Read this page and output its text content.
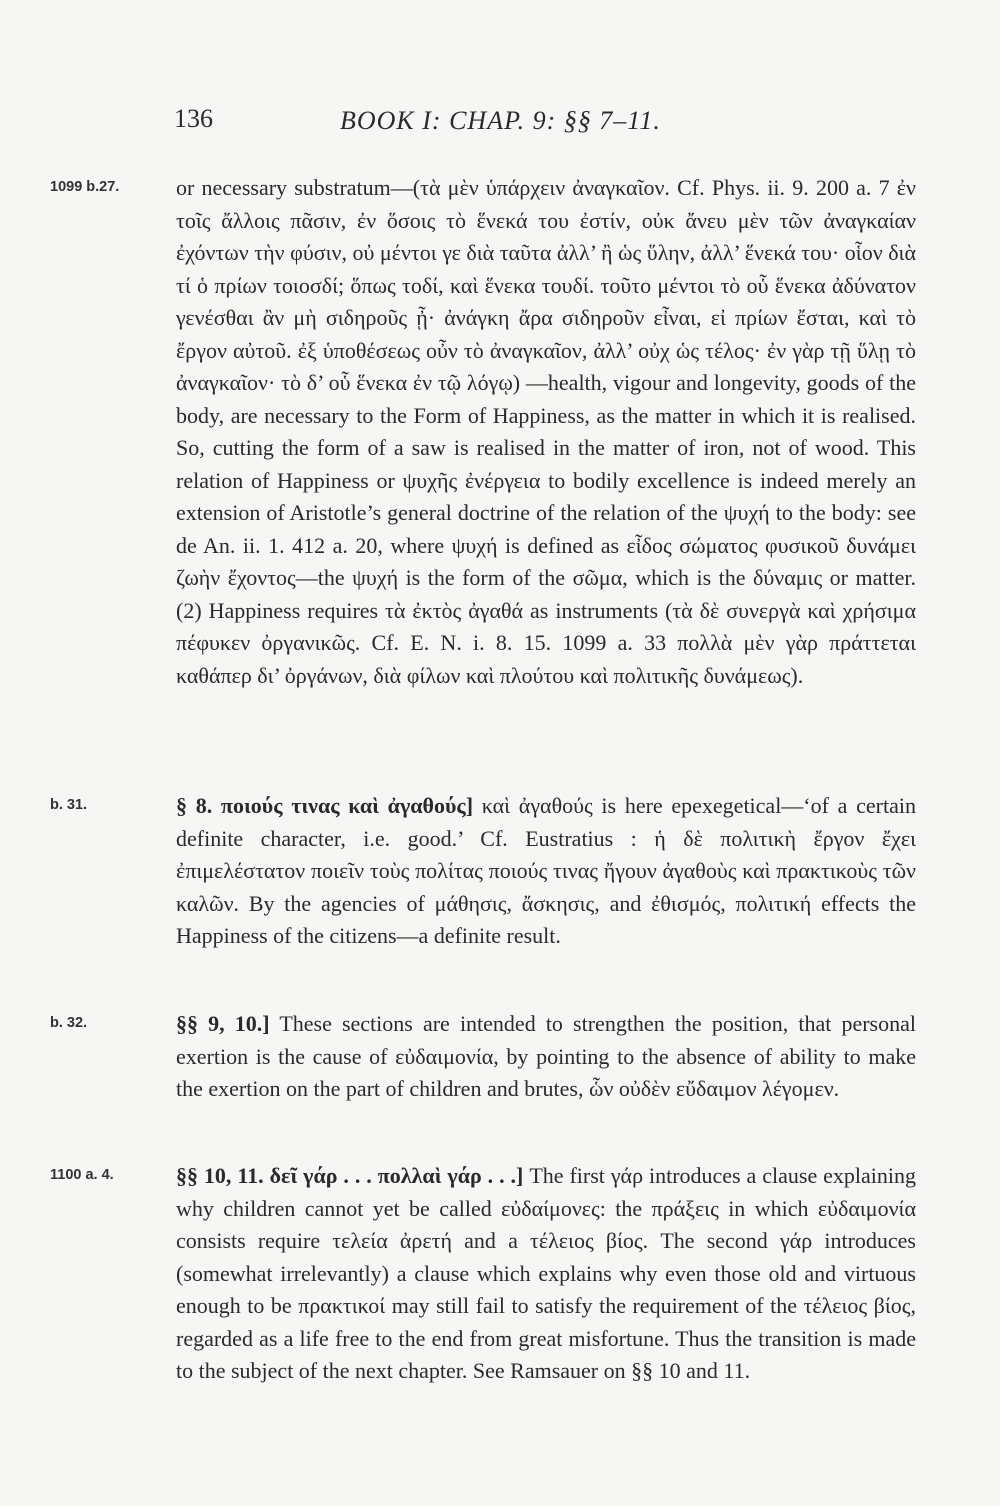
136	BOOK I: CHAP. 9: §§ 7–11.
1099 b.27.	or necessary substratum—(τὰ μὲν ὑπάρχειν ἀναγκαῖον. Cf. Phys. ii. 9. 200 a. 7 ἐν τοῖς ἄλλοις πᾶσιν, ἐν ὅσοις τὸ ἕνεκά του ἐστίν, οὐκ ἄνευ μὲν τῶν ἀναγκαίαν ἐχόντων τὴν φύσιν, οὐ μέντοι γε διὰ ταῦτα ἀλλ’ ἢ ὡς ὕλην, ἀλλ’ ἕνεκά του· οἷον διὰ τί ὁ πρίων τοιοσδί; ὅπως τοδί, καὶ ἕνεκα τουδί. τοῦτο μέντοι τὸ οὗ ἕνεκα ἀδύνατον γενέσθαι ἂν μὴ σιδηροῦς ᾖ· ἀνάγκη ἄρα σιδηροῦν εἶναι, εἰ πρίων ἔσται, καὶ τὸ ἔργον αὐτοῦ. ἐξ ὑποθέσεως οὖν τὸ ἀναγκαῖον, ἀλλ’ οὐχ ὡς τέλος· ἐν γὰρ τῇ ὕλῃ τὸ ἀναγκαῖον· τὸ δ’ οὗ ἕνεκα ἐν τῷ λόγῳ) —health, vigour and longevity, goods of the body, are necessary to the Form of Happiness, as the matter in which it is realised. So, cutting the form of a saw is realised in the matter of iron, not of wood. This relation of Happiness or ψυχῆς ἐνέργεια to bodily excellence is indeed merely an extension of Aristotle’s general doctrine of the relation of the ψυχή to the body: see de An. ii. 1. 412 a. 20, where ψυχή is defined as εἶδος σώματος φυσικοῦ δυνάμει ζωὴν ἔχοντος—the ψυχή is the form of the σῶμα, which is the δύναμις or matter. (2) Happiness requires τὰ ἐκτὸς ἀγαθά as instruments (τὰ δὲ συνεργὰ καὶ χρήσιμα πέφυκεν ὀργανικῶς. Cf. E. N. i. 8. 15. 1099 a. 33 πολλὰ μὲν γὰρ πράττεται καθάπερ δι’ ὀργάνων, διὰ φίλων καὶ πλούτου καὶ πολιτικῆς δυνάμεως).

b. 31.	§ 8. ποιούς τινας καὶ ἀγαθούς] καὶ ἀγαθούς is here epexegetical—‘of a certain definite character, i.e. good.’ Cf. Eustratius : ἡ δὲ πολιτικὴ ἔργον ἔχει ἐπιμελέστατον ποιεῖν τοὺς πολίτας ποιούς τινας ἤγουν ἀγαθοὺς καὶ πρακτικοὺς τῶν καλῶν. By the agencies of μάθησις, ἄσκησις, and ἐθισμός, πολιτική effects the Happiness of the citizens—a definite result.

b. 32.	§§ 9, 10.] These sections are intended to strengthen the position, that personal exertion is the cause of εὐδαιμονία, by pointing to the absence of ability to make the exertion on the part of children and brutes, ὧν οὐδὲν εὔδαιμον λέγομεν.

1100 a. 4.	§§ 10, 11. δεῖ γάρ . . . πολλαὶ γάρ . . .] The first γάρ introduces a clause explaining why children cannot yet be called εὐδαίμονες: the πράξεις in which εὐδαιμονία consists require τελεία ἀρετή and a τέλειος βίος. The second γάρ introduces (somewhat irrelevantly) a clause which explains why even those old and virtuous enough to be πρακτικοί may still fail to satisfy the requirement of the τέλειος βίος, regarded as a life free to the end from great misfortune. Thus the transition is made to the subject of the next chapter. See Ramsauer on §§ 10 and 11.
